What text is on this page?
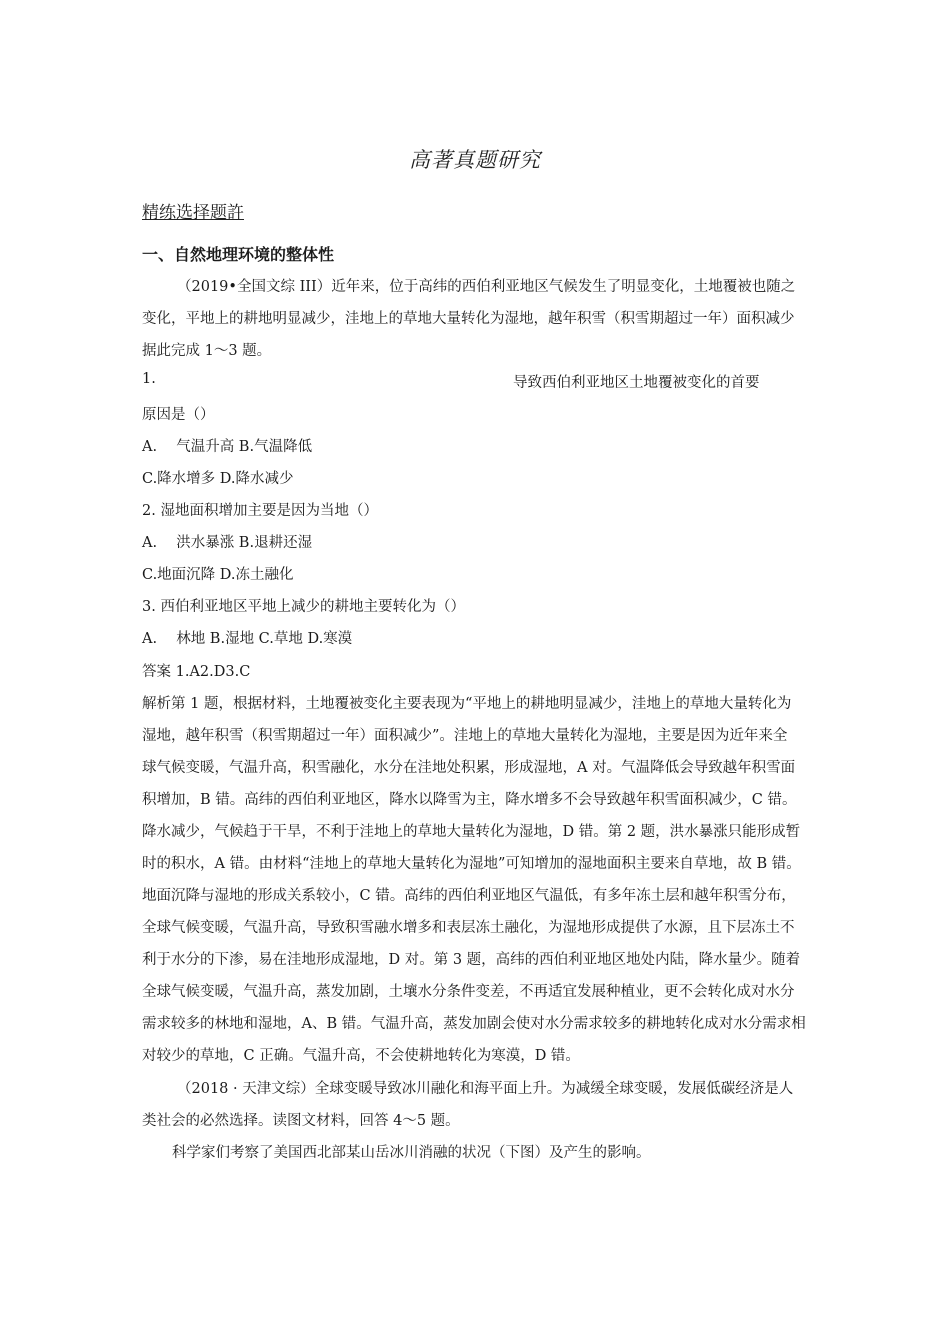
高著真题研究
精练选择题許
一、自然地理环境的整体性
（2019•全国文综 III）近年来，位于高纬的西伯利亚地区气候发生了明显变化，土地覆被也随之
变化，平地上的耕地明显减少，洼地上的草地大量转化为湿地，越年积雪（积雪期超过一年）面积减少
据此完成 1〜3 题。
1.	导致西伯利亚地区土地覆被变化的首要
原因是（）
A.　 气温升高 B.气温降低
C.降水增多 D.降水减少
2. 湿地面积增加主要是因为当地（）
A.　 洪水暴涨 B.退耕还湿
C.地面沉降 D.冻土融化
3. 西伯利亚地区平地上减少的耕地主要转化为（）
A.　 林地 B.湿地 C.草地 D.寒漠
答案 1.A2.D3.C
解析第 1 题，根据材料，土地覆被变化主要表现为“平地上的耕地明显减少，洼地上的草地大量转化为
湿地，越年积雪（积雪期超过一年）面积减少”。洼地上的草地大量转化为湿地，主要是因为近年来全
球气候变暖，气温升高，积雪融化，水分在洼地处积累，形成湿地，A 对。气温降低会导致越年积雪面
积增加，B 错。高纬的西伯利亚地区，降水以降雪为主，降水增多不会导致越年积雪面积减少，C 错。
降水减少，气候趋于干旱，不利于洼地上的草地大量转化为湿地，D 错。第 2 题，洪水暴涨只能形成暂
时的积水，A 错。由材料“洼地上的草地大量转化为湿地”可知增加的湿地面积主要来自草地，故 B 错。
地面沉降与湿地的形成关系较小，C 错。高纬的西伯利亚地区气温低，有多年冻土层和越年积雪分布，
全球气候变暖，气温升高，导致积雪融水增多和表层冻土融化，为湿地形成提供了水源，且下层冻土不
利于水分的下渗，易在洼地形成湿地，D 对。第 3 题，高纬的西伯利亚地区地处内陆，降水量少。随着
全球气候变暖，气温升高，蒸发加剧，土壤水分条件变差，不再适宜发展种植业，更不会转化成对水分
需求较多的林地和湿地，A、B 错。气温升高，蒸发加剧会使对水分需求较多的耕地转化成对水分需求相
对较少的草地，C 正确。气温升高，不会使耕地转化为寒漠，D 错。
（2018 · 天津文综）全球变暖导致冰川融化和海平面上升。为减缓全球变暖，发展低碳经济是人
类社会的必然选择。读图文材料，回答 4〜5 题。
科学家们考察了美国西北部某山岳冰川消融的状况（下图）及产生的影响。
